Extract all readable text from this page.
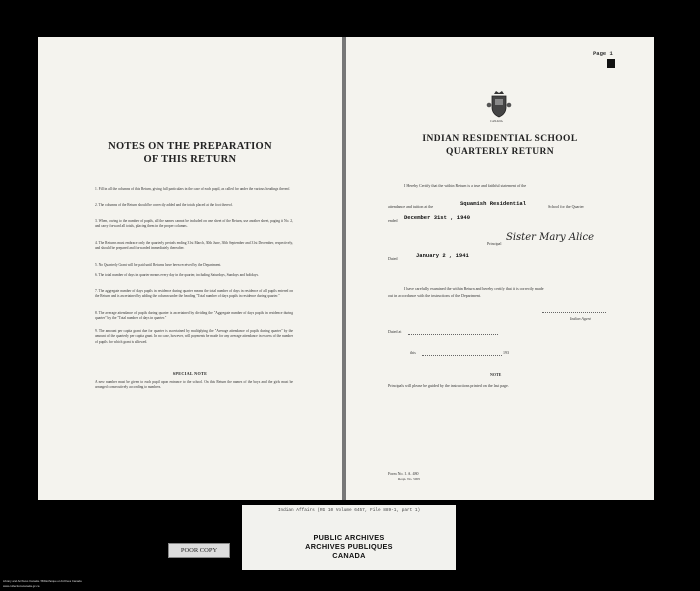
NOTES ON THE PREPARATION
OF THIS RETURN
1. Fill in all the columns of this Return, giving full particulars in the case of each pupil, as called for under the various headings thereof.
2. The columns of the Return should be correctly added and the totals placed at the foot thereof.
3. When, owing to the number of pupils, all the names cannot be included on one sheet of the Return, use another sheet, paging it No. 2, and carry forward all totals, placing them in the proper columns.
4. The Returns must embrace only the quarterly periods ending 31st March, 30th June, 30th September and 31st December, respectively, and should be prepared and forwarded immediately thereafter.
5. No Quarterly Grant will be paid until Returns have been received by the Department.
6. The total number of days in quarter means every day in the quarter, including Saturdays, Sundays and holidays.
7. The aggregate number of days pupils in residence during quarter means the total number of days in residence of all pupils entered on the Return and is ascertained by adding the column under the heading "Total number of days pupils in residence during quarter."
8. The average attendance of pupils during quarter is ascertained by dividing the "Aggregate number of days pupils in residence during quarter" by the "Total number of days in quarter."
9. The amount per capita grant due for quarter is ascertained by multiplying the "Average attendance of pupils during quarter" by the amount of the quarterly per capita grant. In no case, however, will payments be made for any average attendance in excess of the number of pupils for which grant is allowed.
SPECIAL NOTE
A new number must be given to each pupil upon entrance to the school. On this Return the names of the boys and the girls must be arranged consecutively according to numbers.
Page 1
CANADA
INDIAN RESIDENTIAL SCHOOL
QUARTERLY RETURN
I Hereby Certify that the within Return is a true and faithful statement of the
attendance and tuition at the	Squamish Residential	School for the Quarter
ended December 31st , 1940
Principal
Sister Mary Alice
Dated	January 2 , 1941
I have carefully examined the within Return and hereby certify that it is correctly made
out in accordance with the instructions of the Department.
Indian Agent
Dated at
this	193
NOTE
Principals will please be guided by the instructions printed on the last page.
Form No. I. A. 480
Reqn. No. 5005
Indian Affairs (RG 10 Volume 6457, File 889-1, part 1)
PUBLIC ARCHIVES
ARCHIVES PUBLIQUES
CANADA
POOR COPY
Library and Archives Canada / Bibliothèque et Archives Canada
www.collectionscanada.gc.ca
